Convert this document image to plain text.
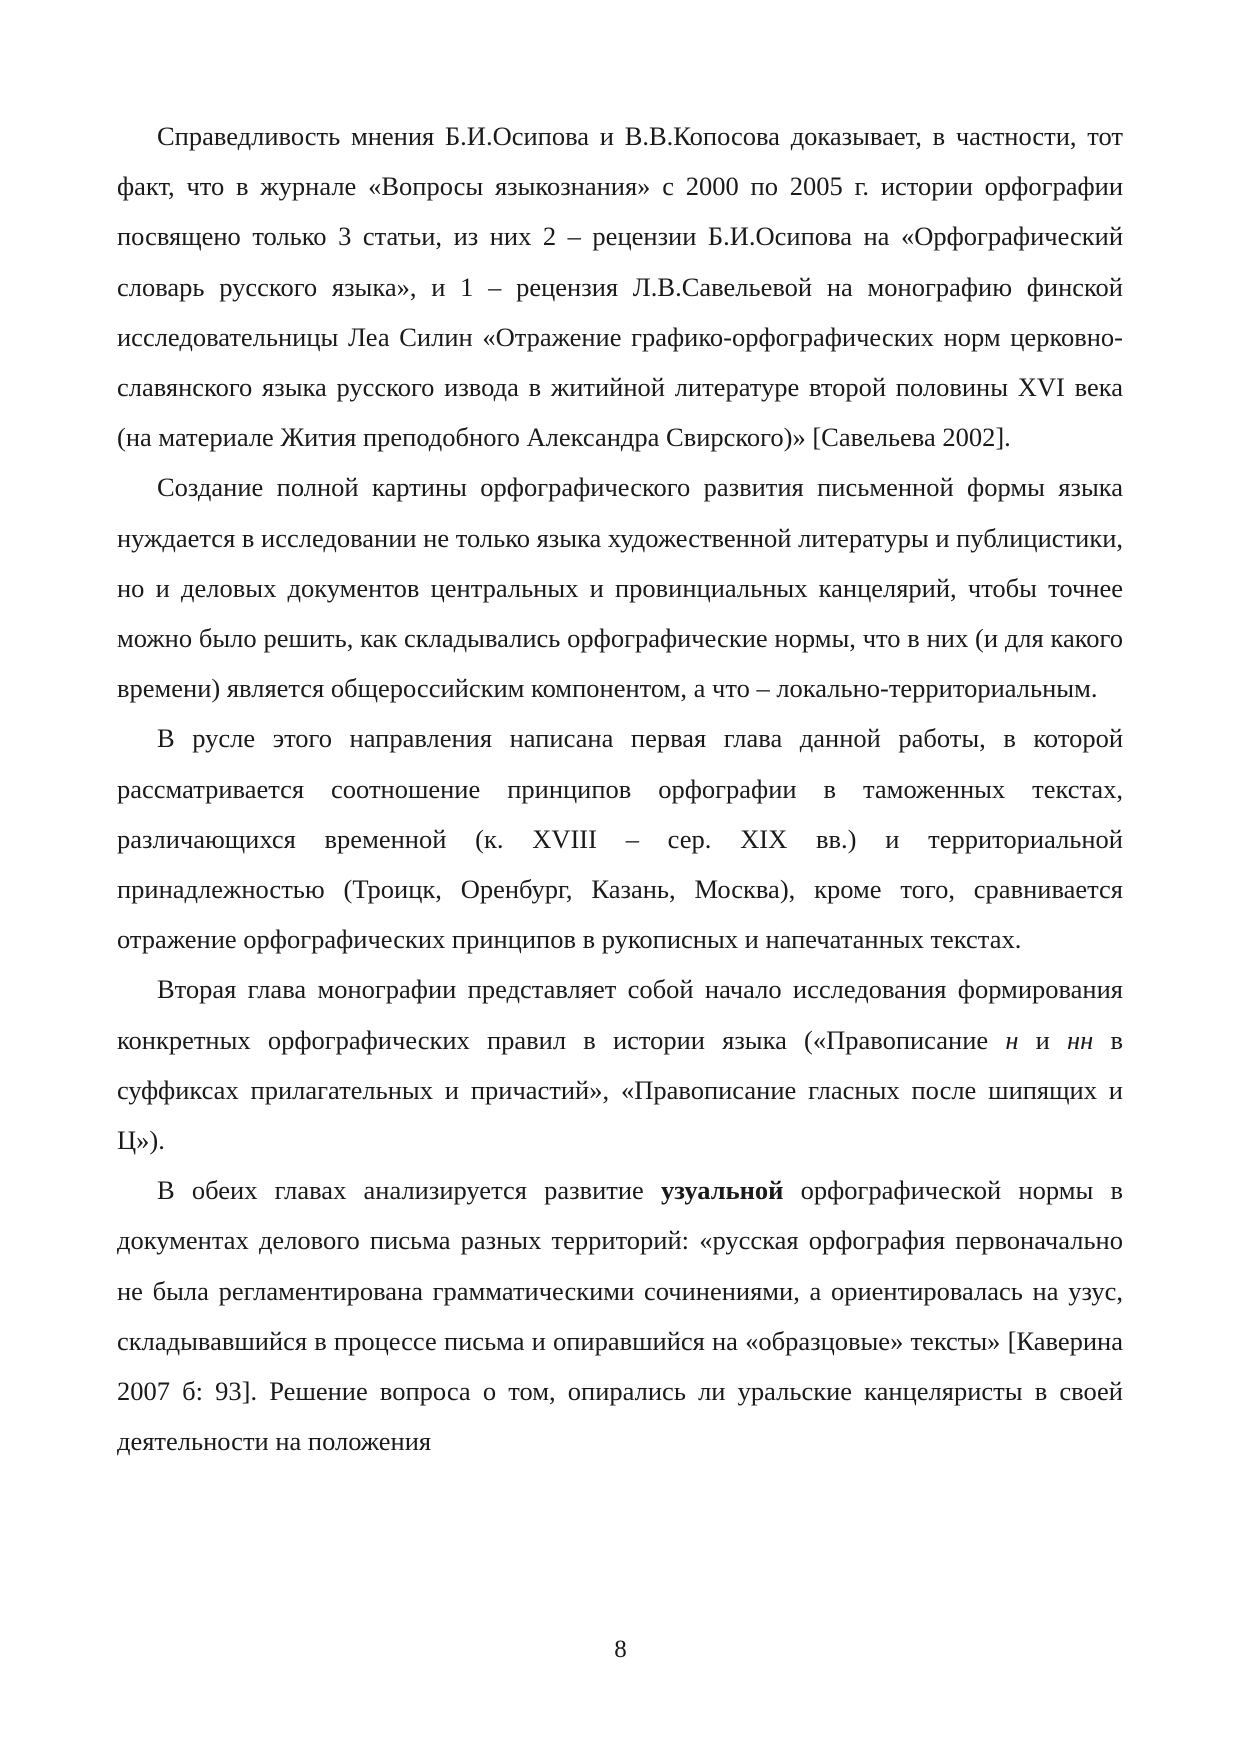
Справедливость мнения Б.И.Осипова и В.В.Копосова доказывает, в частности, тот факт, что в журнале «Вопросы языкознания» с 2000 по 2005 г. истории орфографии посвящено только 3 статьи, из них 2 – рецензии Б.И.Осипова на «Орфографический словарь русского языка», и 1 – рецензия Л.В.Савельевой на монографию финской исследовательницы Леа Силин «Отражение графико-орфографических норм церковно-славянского языка русского извода в житийной литературе второй половины XVI века (на материале Жития преподобного Александра Свирского)» [Савельева 2002].

Создание полной картины орфографического развития письменной формы языка нуждается в исследовании не только языка художественной литературы и публицистики, но и деловых документов центральных и провинциальных канцелярий, чтобы точнее можно было решить, как складывались орфографические нормы, что в них (и для какого времени) является общероссийским компонентом, а что – локально-территориальным.

В русле этого направления написана первая глава данной работы, в которой рассматривается соотношение принципов орфографии в таможенных текстах, различающихся временной (к. XVIII – сер. XIX вв.) и территориальной принадлежностью (Троицк, Оренбург, Казань, Москва), кроме того, сравнивается отражение орфографических принципов в рукописных и напечатанных текстах.

Вторая глава монографии представляет собой начало исследования формирования конкретных орфографических правил в истории языка («Правописание н и нн в суффиксах прилагательных и причастий», «Правописание гласных после шипящих и Ц»).

В обеих главах анализируется развитие узуальной орфографической нормы в документах делового письма разных территорий: «русская орфография первоначально не была регламентирована грамматическими сочинениями, а ориентировалась на узус, складывавшийся в процессе письма и опиравшийся на «образцовые» тексты» [Каверина 2007 б: 93]. Решение вопроса о том, опирались ли уральские канцеляристы в своей деятельности на положения

8
